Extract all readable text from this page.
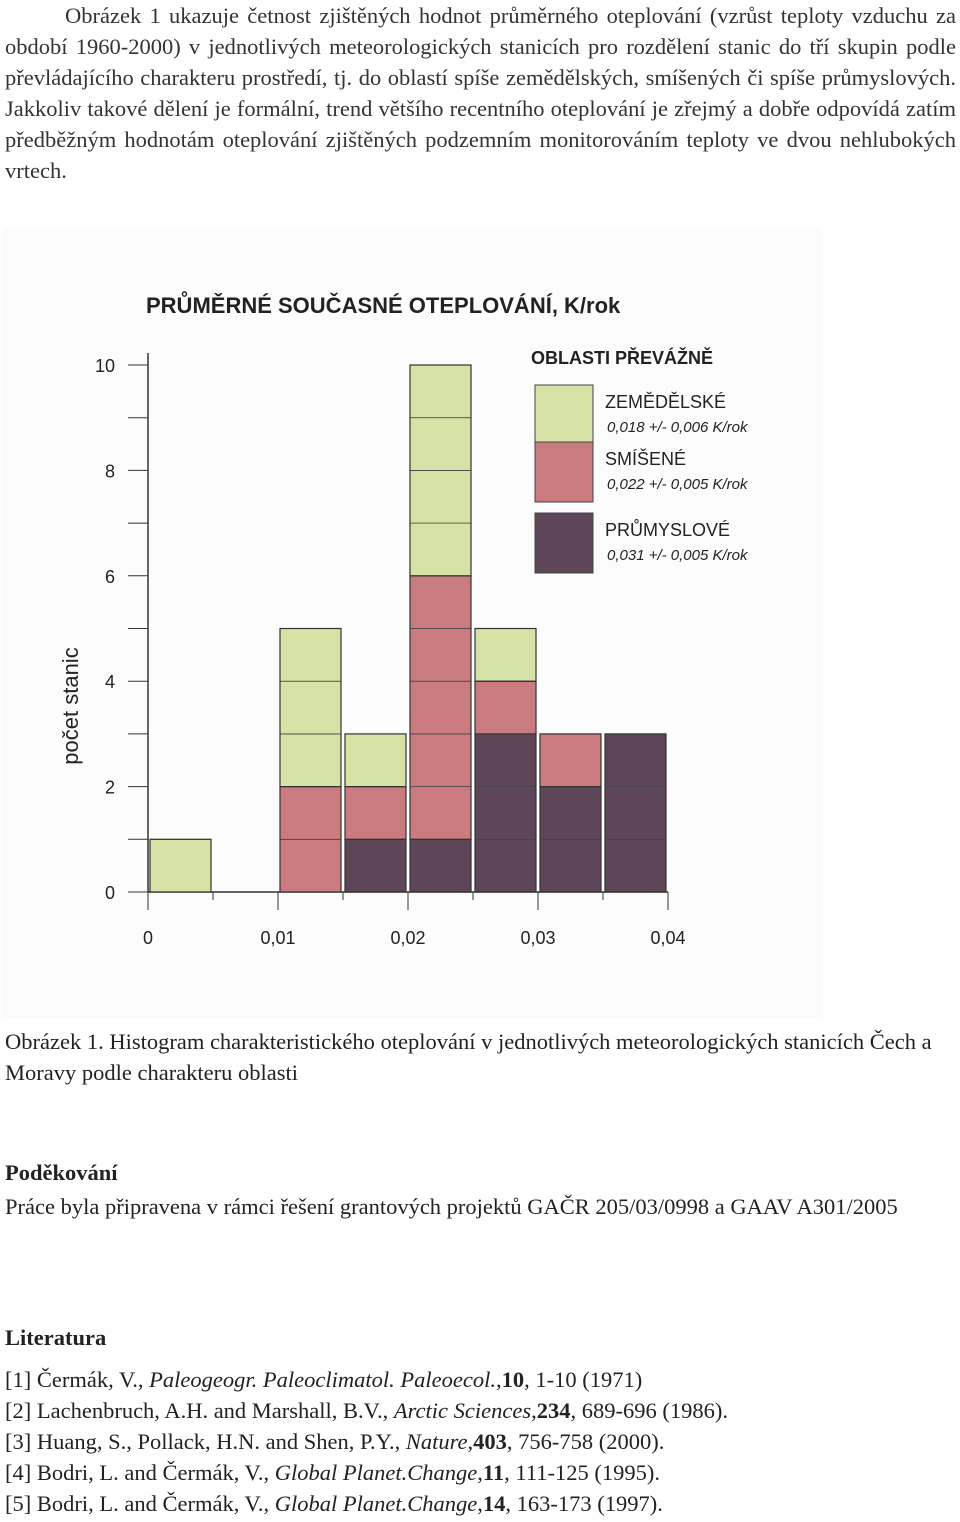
Obrázek 1 ukazuje četnost zjištěných hodnot průměrného oteplování (vzrůst teploty vzduchu za období 1960-2000) v jednotlivých meteorologických stanicích pro rozdělení stanic do tří skupin podle převládajícího charakteru prostředí, tj. do oblastí spíše zemědělských, smíšených či spíše průmyslových. Jakkoliv takové dělení je formální, trend většího recentního oteplování je zřejmý a dobře odpovídá zatím předběžným hodnotám oteplování zjištěných podzemním monitorováním teploty ve dvou nehlubokých vrtech.

PRŮMĚRNÉ SOUČASNÉ OTEPLOVÁNÍ, K/rok
počet stanic
0
2
4
6
8
10
0	0,01	0,02	0,03	0,04
OBLASTI PŘEVÁŽNĚ
ZEMĚDĚLSKÉ
0,018 +/- 0,006 K/rok
SMÍŠENÉ
0,022 +/- 0,005 K/rok
PRŮMYSLOVÉ
0,031 +/- 0,005 K/rok

Obrázek 1. Histogram charakteristického oteplování v jednotlivých meteorologických stanicích Čech a Moravy podle charakteru oblasti

Poděkování

Práce byla připravena v rámci řešení grantových projektů GAČR 205/03/0998 a GAAV A301/2005

Literatura
[1] Čermák, V., Paleogeogr. Paleoclimatol. Paleoecol.,10, 1-10 (1971)
[2] Lachenbruch, A.H. and Marshall, B.V., Arctic Sciences,234, 689-696 (1986).
[3] Huang, S., Pollack, H.N. and Shen, P.Y., Nature,403, 756-758 (2000).
[4] Bodri, L. and Čermák, V., Global Planet.Change,11, 111-125 (1995).
[5] Bodri, L. and Čermák, V., Global Planet.Change,14, 163-173 (1997).
